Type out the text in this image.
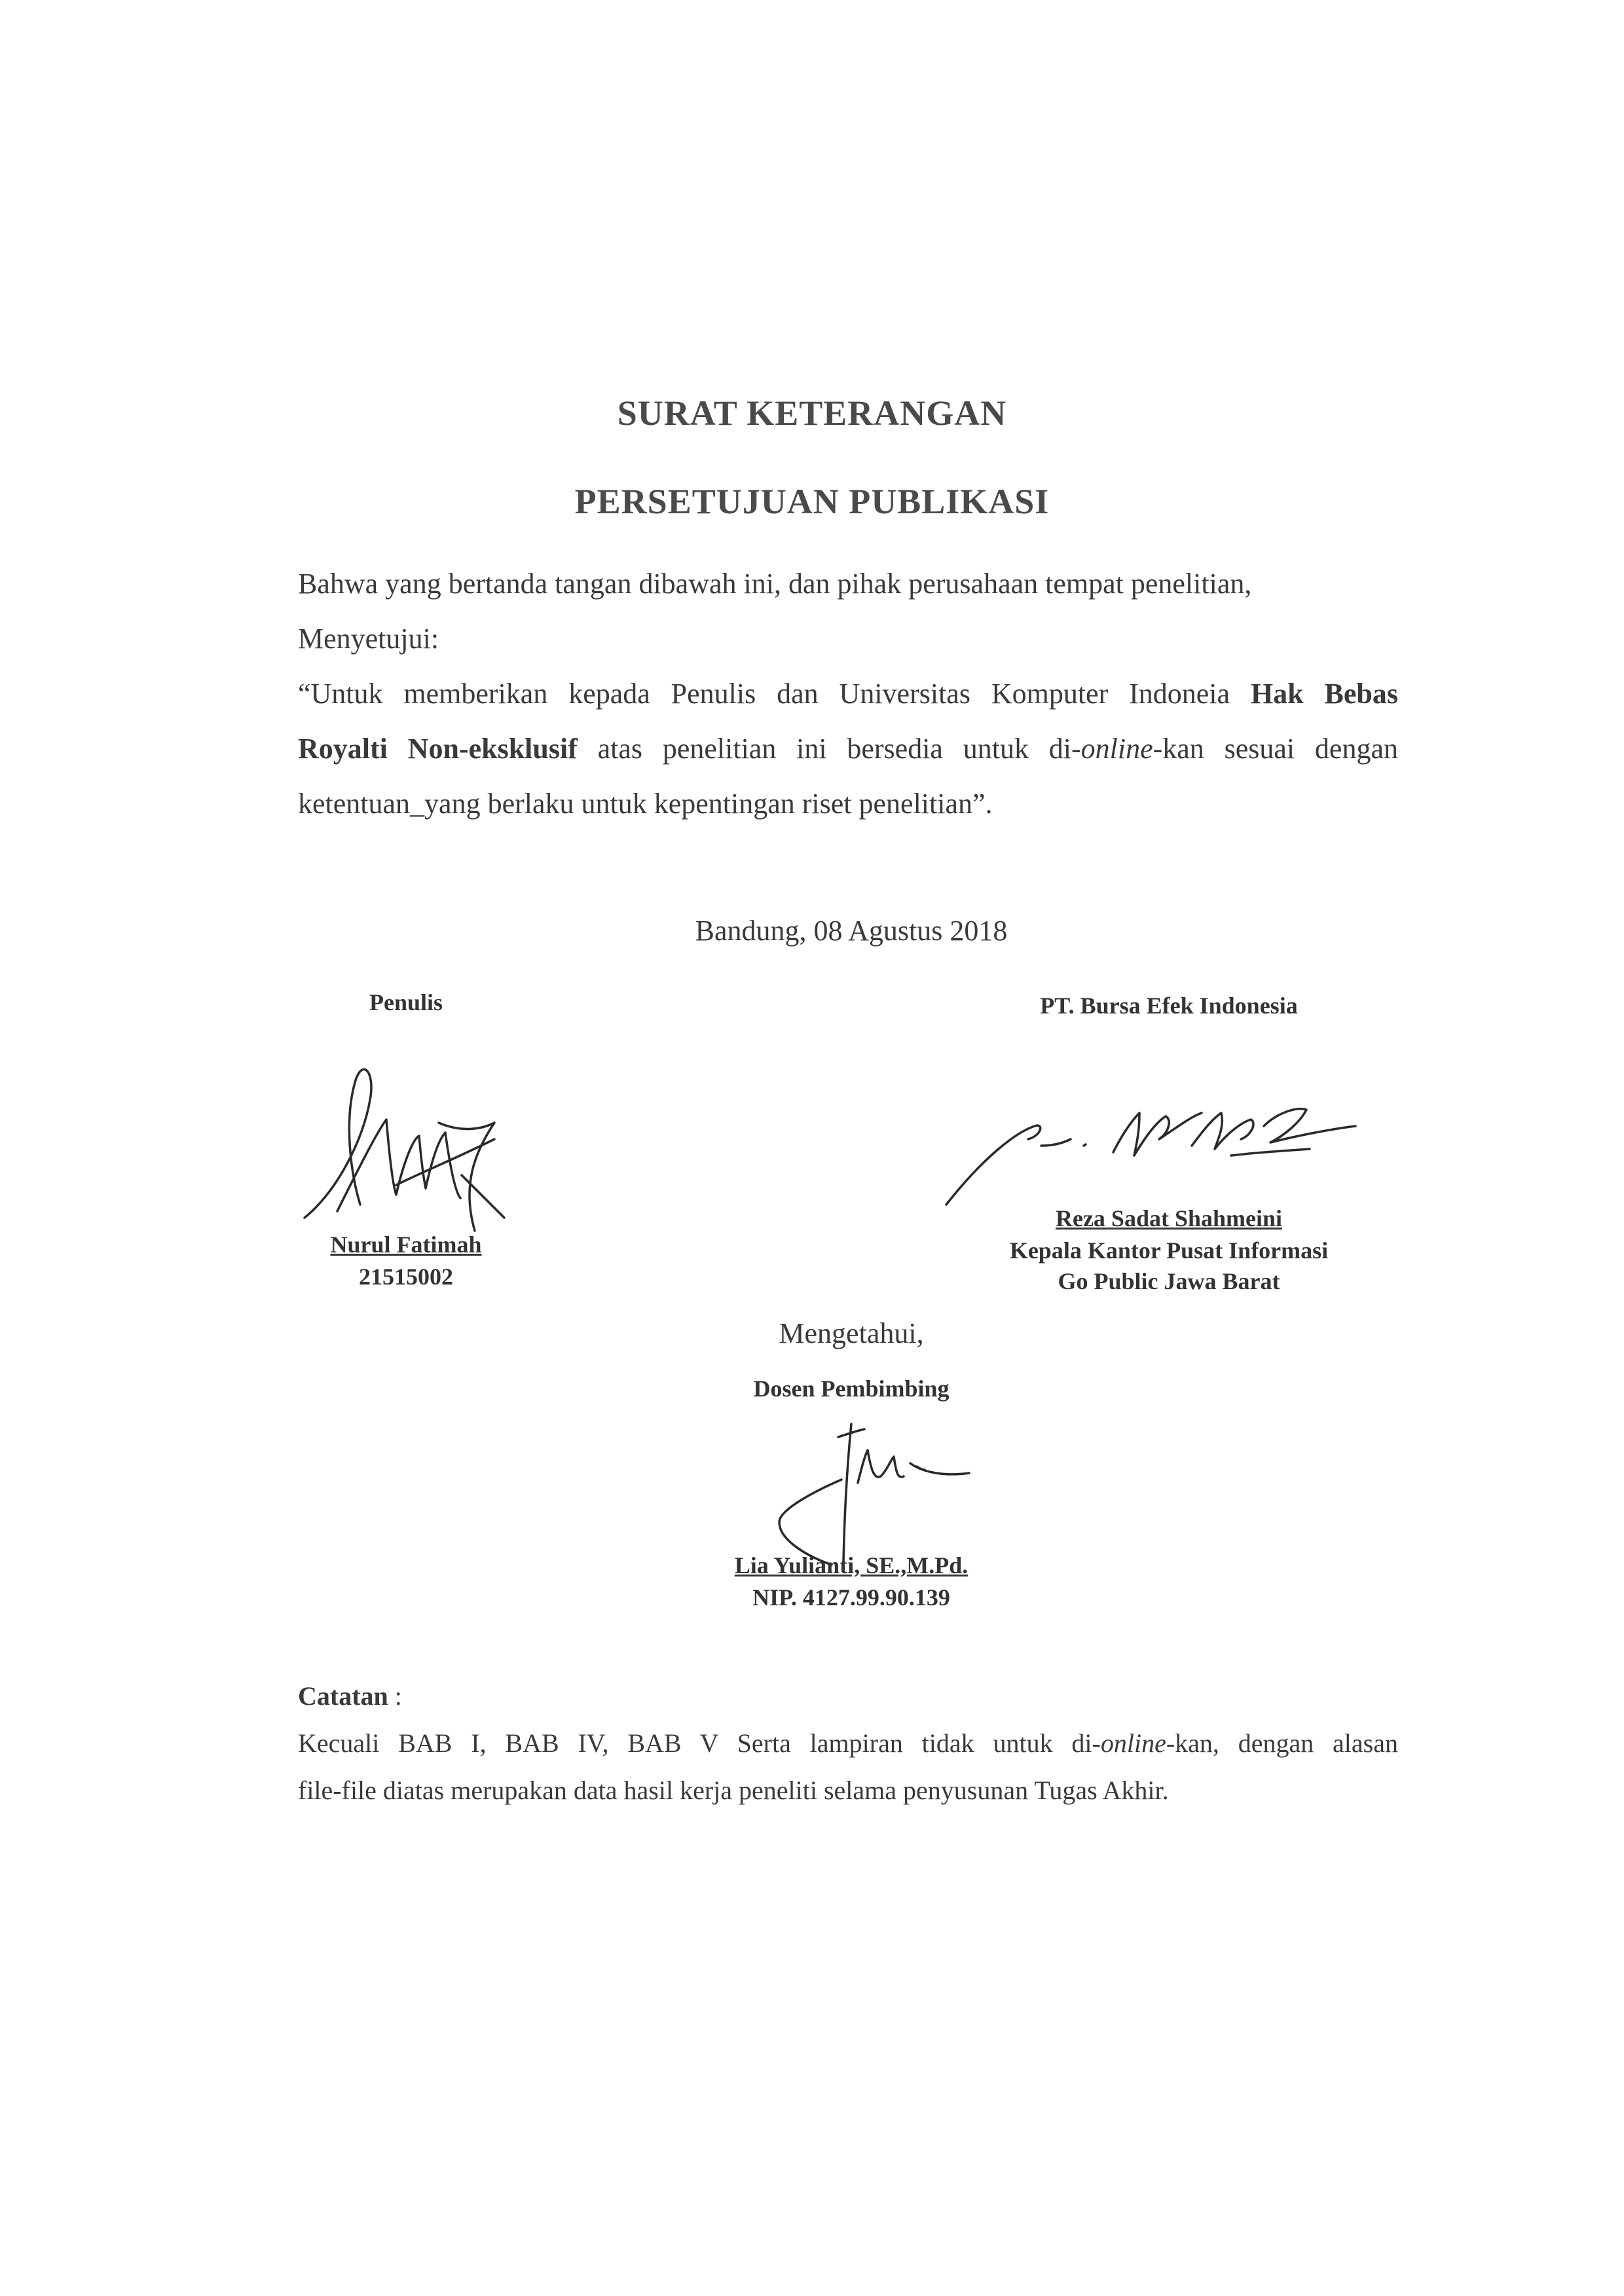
SURAT KETERANGAN
PERSETUJUAN PUBLIKASI
Bahwa yang bertanda tangan dibawah ini, dan pihak perusahaan tempat penelitian,
Menyetujui:
“Untuk memberikan kepada Penulis dan Universitas Komputer Indoneia Hak Bebas
Royalti Non-eksklusif atas penelitian ini bersedia untuk di-online-kan sesuai dengan
ketentuan_yang berlaku untuk kepentingan riset penelitian”.
Bandung, 08 Agustus 2018
Penulis
Nurul Fatimah
21515002
PT. Bursa Efek Indonesia
Reza Sadat Shahmeini
Kepala Kantor Pusat Informasi
Go Public Jawa Barat
Mengetahui,
Dosen Pembimbing
Lia Yulianti, SE.,M.Pd.
NIP. 4127.99.90.139
Catatan :
Kecuali BAB I, BAB IV, BAB V Serta lampiran tidak untuk di-online-kan, dengan alasan
file-file diatas merupakan data hasil kerja peneliti selama penyusunan Tugas Akhir.
